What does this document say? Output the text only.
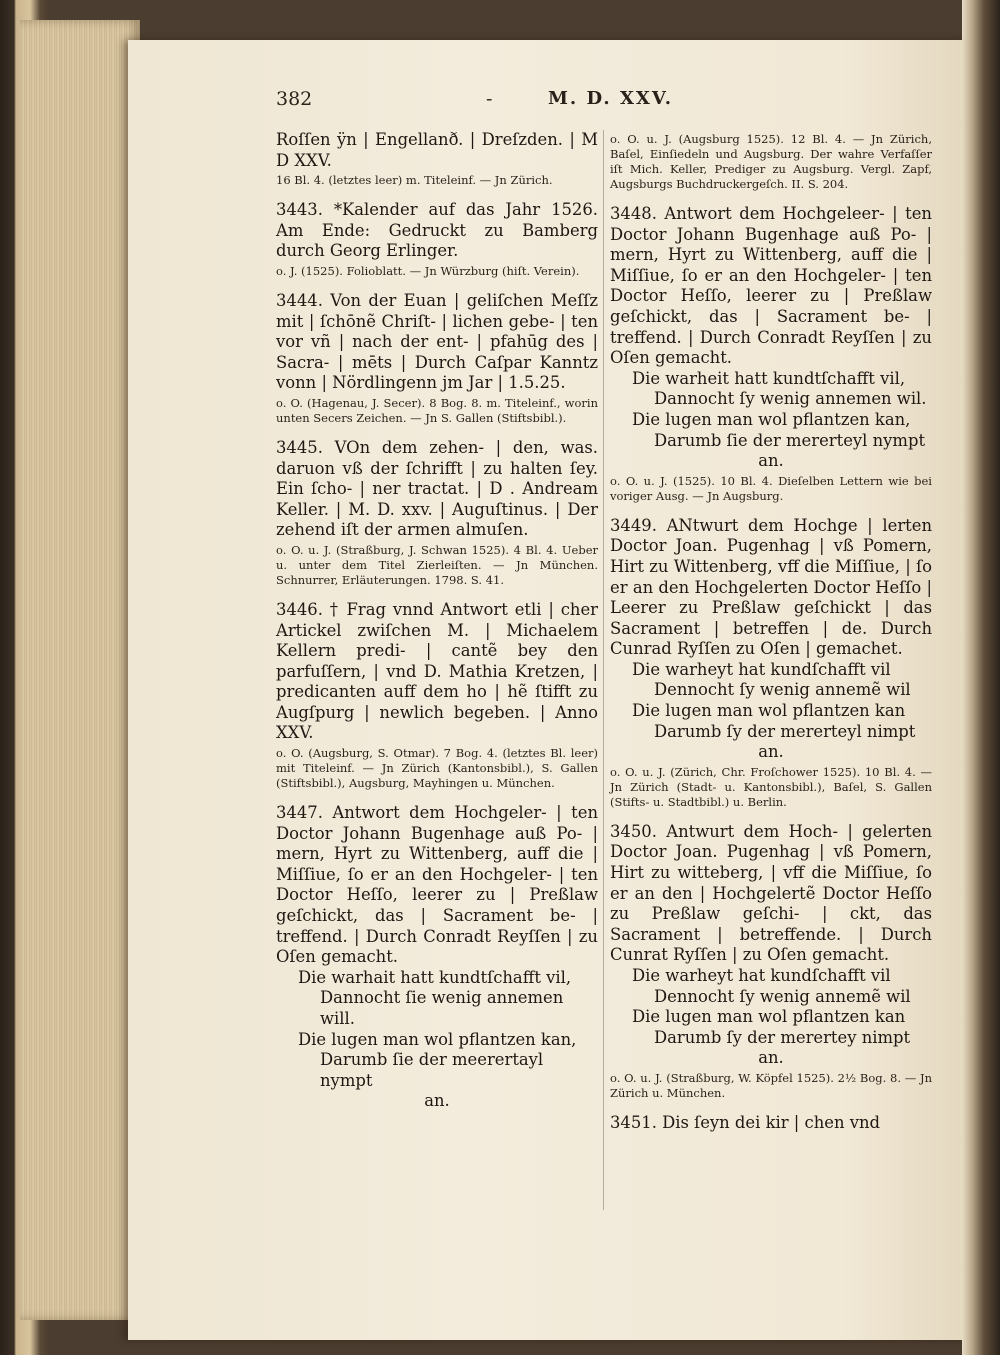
382	-	M. D. XXV.

Roſſen ÿn | Engellanð. | Dreſzden. | M D XXV.

16 Bl. 4. (letztes leer) m. Titeleinf. — Jn Zürich.

3443. *Kalender auf das Jahr 1526. Am Ende: Gedruckt zu Bamberg durch Georg Erlinger.

o. J. (1525). Folioblatt. — Jn Würzburg (hiſt. Verein).

3444. Von der Euan | geliſchen Meſſz mit | ſchōnẽ Chriſt- | lichen gebe- | ten vor vñ | nach der ent- | pfahūg des | Sacra- | mēts | Durch Caſpar Kanntz vonn | Nördlingenn jm Jar | 1.5.25.

o. O. (Hagenau, J. Secer). 8 Bog. 8. m. Titeleinf., worin unten Secers Zeichen. — Jn S. Gallen (Stiftsbibl.).

3445. VOn dem zehen- | den, was. daruon vß der ſchrifft | zu halten ſey. Ein ſcho- | ner tractat. | D . Andream Keller. | M. D. xxv. | Auguſtinus. | Der zehend iſt der armen almuſen.

o. O. u. J. (Straßburg, J. Schwan 1525). 4 Bl. 4. Ueber u. unter dem Titel Zierleiſten. — Jn München. Schnurrer, Erläuterungen. 1798. S. 41.

3446. † Frag vnnd Antwort etli | cher Artickel zwiſchen M. | Michaelem Kellern predi- | cantẽ bey den parfuſſern, | vnd D. Mathia Kretzen, | predicanten auff dem ho | hẽ ſtifft zu Augſpurg | newlich begeben. | Anno XXV.

o. O. (Augsburg, S. Otmar). 7 Bog. 4. (letztes Bl. leer) mit Titeleinf. — Jn Zürich (Kantonsbibl.), S. Gallen (Stiftsbibl.), Augsburg, Mayhingen u. München.

3447. Antwort dem Hochgeler- | ten Doctor Johann Bugenhage auß Po- | mern, Hyrt zu Wittenberg, auff die | Miſſiue, ſo er an den Hochgeler- | ten Doctor Heſſo, leerer zu | Preßlaw geſchickt, das | Sacrament be- | treffend. | Durch Conradt Reyſſen | zu Oſen gemacht.

Die warhait hatt kundtſchafft vil,
Dannocht ſie wenig annemen will.
Die lugen man wol pflantzen kan,
Darumb ſie der meerertayl nympt
an.

o. O. u. J. (Augsburg 1525). 12 Bl. 4. — Jn Zürich, Baſel, Einſiedeln und Augsburg. Der wahre Verfaſſer iſt Mich. Keller, Prediger zu Augsburg. Vergl. Zapf, Augsburgs Buchdruckergeſch. II. S. 204.

3448. Antwort dem Hochgeleer- | ten Doctor Johann Bugenhage auß Po- | mern, Hyrt zu Wittenberg, auff die | Miſſiue, ſo er an den Hochgeler- | ten Doctor Heſſo, leerer zu | Preßlaw geſchickt, das | Sacrament be- | treffend. | Durch Conradt Reyſſen | zu Oſen gemacht.

Die warheit hatt kundtſchafft vil,
Dannocht ſy wenig annemen wil.
Die lugen man wol pflantzen kan,
Darumb ſie der mererteyl nympt
an.

o. O. u. J. (1525). 10 Bl. 4. Dieſelben Lettern wie bei voriger Ausg. — Jn Augsburg.

3449. ANtwurt dem Hochge | lerten Doctor Joan. Pugenhag | vß Pomern, Hirt zu Wittenberg, vff die Miſſiue, | ſo er an den Hochgelerten Doctor Heſſo | Leerer zu Preßlaw geſchickt | das Sacrament | betreffen | de. Durch Cunrad Ryſſen zu Oſen | gemachet.

Die warheyt hat kundſchafft vil
Dennocht ſy wenig annemẽ wil
Die lugen man wol pflantzen kan
Darumb ſy der mererteyl nimpt
an.

o. O. u. J. (Zürich, Chr. Froſchower 1525). 10 Bl. 4. — Jn Zürich (Stadt- u. Kantonsbibl.), Baſel, S. Gallen (Stifts- u. Stadtbibl.) u. Berlin.

3450. Antwurt dem Hoch- | gelerten Doctor Joan. Pugenhag | vß Pomern, Hirt zu witteberg, | vff die Miſſiue, ſo er an den | Hochgelertẽ Doctor Heſſo zu Preßlaw geſchi- | ckt, das Sacrament | betreffende. | Durch Cunrat Ryſſen | zu Oſen gemacht.

Die warheyt hat kundſchafft vil
Dennocht ſy wenig annemẽ wil
Die lugen man wol pflantzen kan
Darumb ſy der merertey nimpt
an.

o. O. u. J. (Straßburg, W. Köpfel 1525). 2½ Bog. 8. — Jn Zürich u. München.

3451. Dis ſeyn dei kir | chen vnd
